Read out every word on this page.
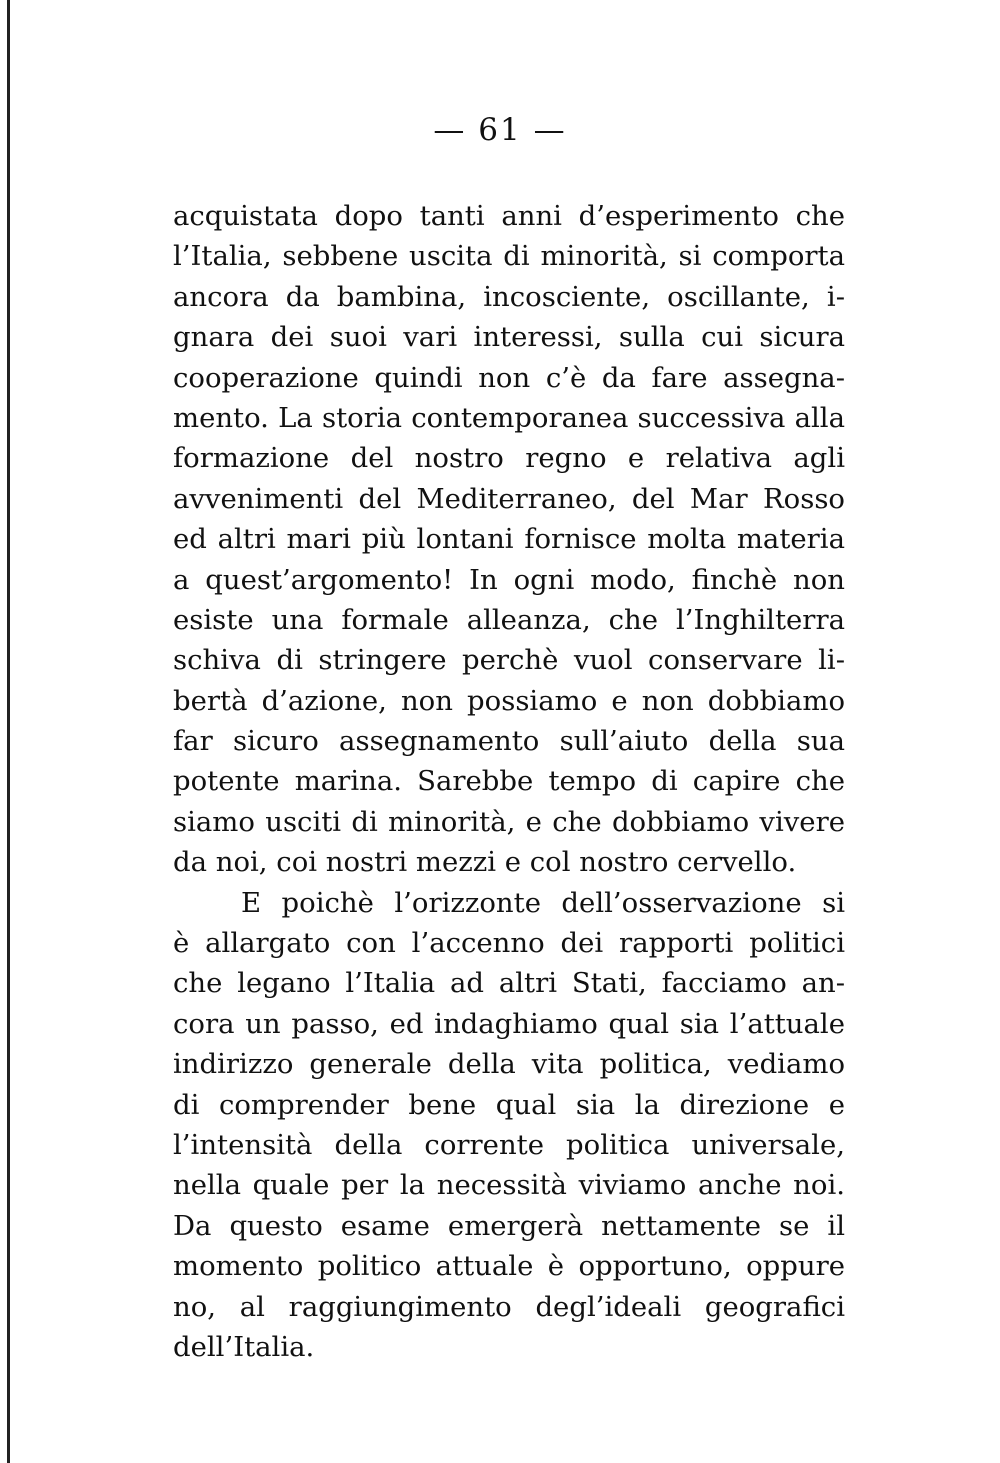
— 61 —
acquistata dopo tanti anni d’esperimento che
l’Italia, sebbene uscita di minorità, si comporta
ancora da bambina, incosciente, oscillante, i-
gnara dei suoi vari interessi, sulla cui sicura
cooperazione quindi non c’è da fare assegna-
mento. La storia contemporanea successiva alla
formazione del nostro regno e relativa agli
avvenimenti del Mediterraneo, del Mar Rosso
ed altri mari più lontani fornisce molta materia
a quest’argomento! In ogni modo, finchè non
esiste una formale alleanza, che l’Inghilterra
schiva di stringere perchè vuol conservare li-
bertà d’azione, non possiamo e non dobbiamo
far sicuro assegnamento sull’aiuto della sua
potente marina. Sarebbe tempo di capire che
siamo usciti di minorità, e che dobbiamo vivere
da noi, coi nostri mezzi e col nostro cervello.
E poichè l’orizzonte dell’osservazione si
è allargato con l’accenno dei rapporti politici
che legano l’Italia ad altri Stati, facciamo an-
cora un passo, ed indaghiamo qual sia l’attuale
indirizzo generale della vita politica, vediamo
di comprender bene qual sia la direzione e
l’intensità della corrente politica universale,
nella quale per la necessità viviamo anche noi.
Da questo esame emergerà nettamente se il
momento politico attuale è opportuno, oppure
no, al raggiungimento degl’ideali geografici
dell’Italia.
